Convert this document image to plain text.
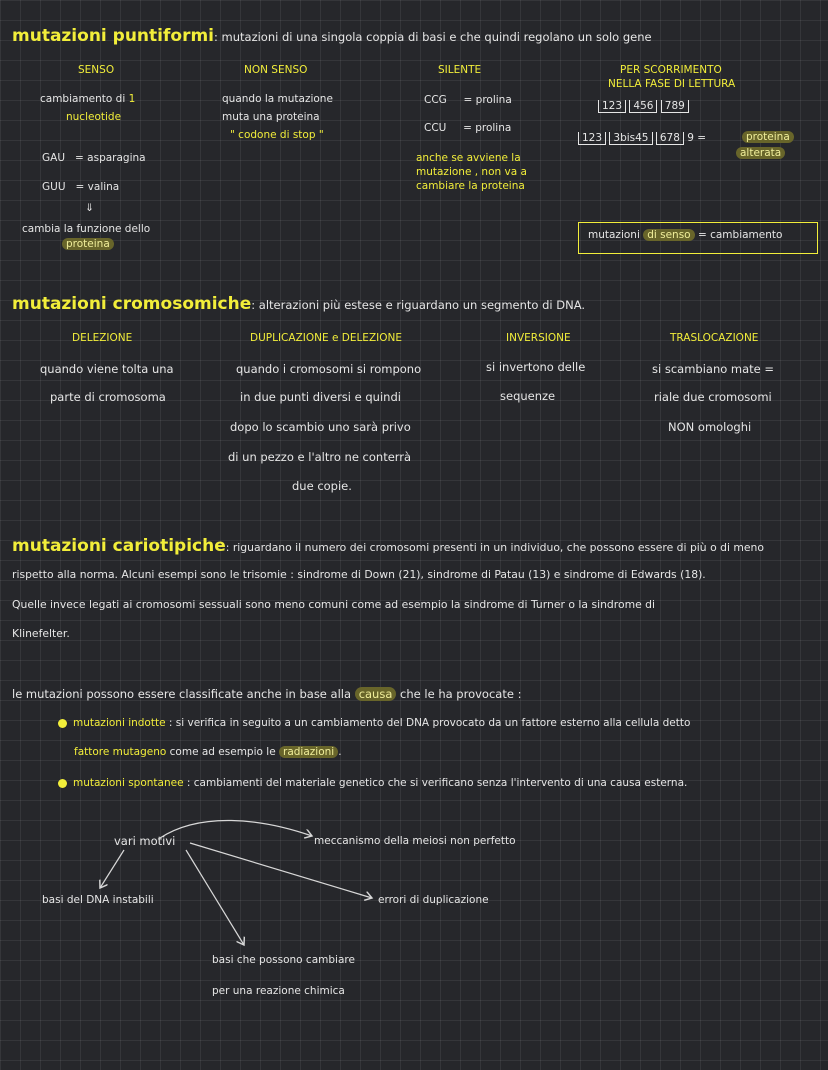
mutazioni puntiformi: mutazioni di una singola coppia di basi e che quindi regolano un solo gene
SENSO
cambiamento di 1
nucleotide
GAU = asparagina
GUU = valina
⇓
cambia la funzione dello
proteina
NON SENSO
quando la mutazione
muta una proteina
" codone di stop "
SILENTE
CCG = prolina
CCU = prolina
anche se avviene la
mutazione , non va a
cambiare la proteina
PER SCORRIMENTO
NELLA FASE DI LETTURA
123 456 789
123 3bis45 678 9 =	proteina
alterata
mutazioni di senso = cambiamento
mutazioni cromosomiche: alterazioni più estese e riguardano un segmento di DNA.
DELEZIONE
quando viene tolta una
parte di cromosoma
DUPLICAZIONE e DELEZIONE
quando i cromosomi si rompono
in due punti diversi e quindi
dopo lo scambio uno sarà privo
di un pezzo e l'altro ne conterrà
due copie.
INVERSIONE
si invertono delle
sequenze
TRASLOCAZIONE
si scambiano mate =
riale due cromosomi
NON omologhi
mutazioni cariotipiche: riguardano il numero dei cromosomi presenti in un individuo, che possono essere di più o di meno
rispetto alla norma. Alcuni esempi sono le trisomie : sindrome di Down (21), sindrome di Patau (13) e sindrome di Edwards (18).
Quelle invece legati ai cromosomi sessuali sono meno comuni come ad esempio la sindrome di Turner o la sindrome di
Klinefelter.
le mutazioni possono essere classificate anche in base alla causa che le ha provocate :
mutazioni indotte : si verifica in seguito a un cambiamento del DNA provocato da un fattore esterno alla cellula detto
fattore mutageno come ad esempio le radiazioni .
mutazioni spontanee : cambiamenti del materiale genetico che si verificano senza l'intervento di una causa esterna.
vari motivi	meccanismo della meiosi non perfetto
basi del DNA instabili	errori di duplicazione
basi che possono cambiare
per una reazione chimica
